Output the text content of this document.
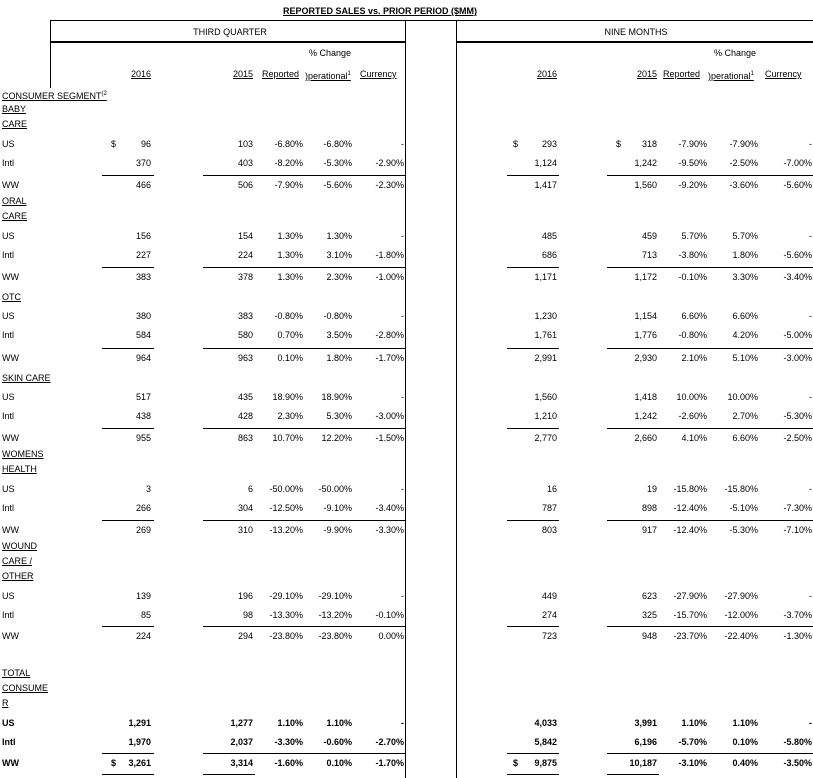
REPORTED SALES vs. PRIOR PERIOD ($MM)
THIRD QUARTER	NINE MONTHS
% Change	% Change
2016	2015 Reported )perational$^1$ Currency	2016	2015 Reported )perational$^1$ Currency
CONSUMER SEGMENT$^{(2}$
BABY
CARE
US	96	103	-6.80%	-6.80%	-	293	318	-7.90%	-7.90%	-
$	$	$
Intl	370	403	-8.20%	-5.30%	-2.90%	1,124	1,242	-9.50%	-2.50%	-7.00%
WW	466	506	-7.90%	-5.60%	-2.30%	1,417	1,560	-9.20%	-3.60%	-5.60%
ORAL
CARE
US	156	154	1.30%	1.30%	-	485	459	5.70%	5.70%	-
Intl	227	224	1.30%	3.10%	-1.80%	686	713	-3.80%	1.80%	-5.60%
WW	383	378	1.30%	2.30%	-1.00%	1,171	1,172	-0.10%	3.30%	-3.40%
OTC
US	380	383	-0.80%	-0.80%	-	1,230	1,154	6.60%	6.60%	-
Intl	584	580	0.70%	3.50%	-2.80%	1,761	1,776	-0.80%	4.20%	-5.00%
WW	964	963	0.10%	1.80%	-1.70%	2,991	2,930	2.10%	5.10%	-3.00%
SKIN CARE
US	517	435	18.90%	18.90%	-	1,560	1,418	10.00%	10.00%	-
Intl	438	428	2.30%	5.30%	-3.00%	1,210	1,242	-2.60%	2.70%	-5.30%
WW	955	863	10.70%	12.20%	-1.50%	2,770	2,660	4.10%	6.60%	-2.50%
WOMENS
HEALTH
US	3	6	-50.00%	-50.00%	-	16	19	-15.80%	-15.80%	-
Intl	266	304	-12.50%	-9.10%	-3.40%	787	898	-12.40%	-5.10%	-7.30%
WW	269	310	-13.20%	-9.90%	-3.30%	803	917	-12.40%	-5.30%	-7.10%
WOUND
CARE /
OTHER
US	139	196	-29.10%	-29.10%	-	449	623	-27.90%	-27.90%	-
Intl	85	98	-13.30%	-13.20%	-0.10%	274	325	-15.70%	-12.00%	-3.70%
WW	224	294	-23.80%	-23.80%	0.00%	723	948	-23.70%	-22.40%	-1.30%
TOTAL
CONSUME
R
US	1,291	1,277	1.10%	1.10%	-	4,033	3,991	1.10%	1.10%	-
Intl	1,970	2,037	-3.30%	-0.60%	-2.70%	5,842	6,196	-5.70%	0.10%	-5.80%
WW	3,261	3,314	-1.60%	0.10%	-1.70%	9,875	10,187	-3.10%	0.40%	-3.50%
$	$
